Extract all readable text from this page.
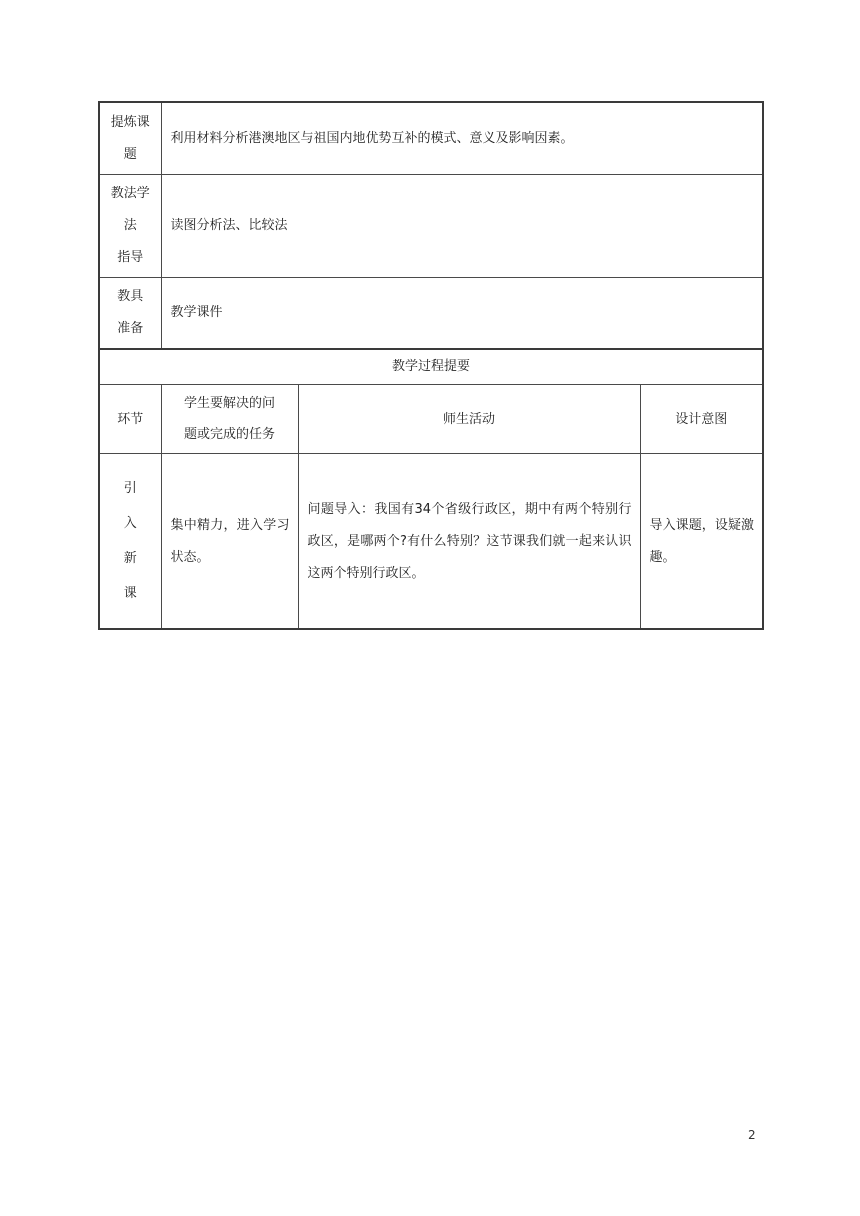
提炼课
题	利用材料分析港澳地区与祖国内地优势互补的模式、意义及影响因素。		

教法学
法
指导	读图分析法、比较法		

教具
准备	教学课件		
教学过程提要			
环节	学生要解决的问
题或完成的任务	师生活动	设计意图

引
入
新
课	集中精力，进入学习状态。	问题导入：我国有34个省级行政区，期中有两个特别行政区，是哪两个?有什么特别？这节课我们就一起来认识这两个特别行政区。	导入课题，设疑激趣。
2
